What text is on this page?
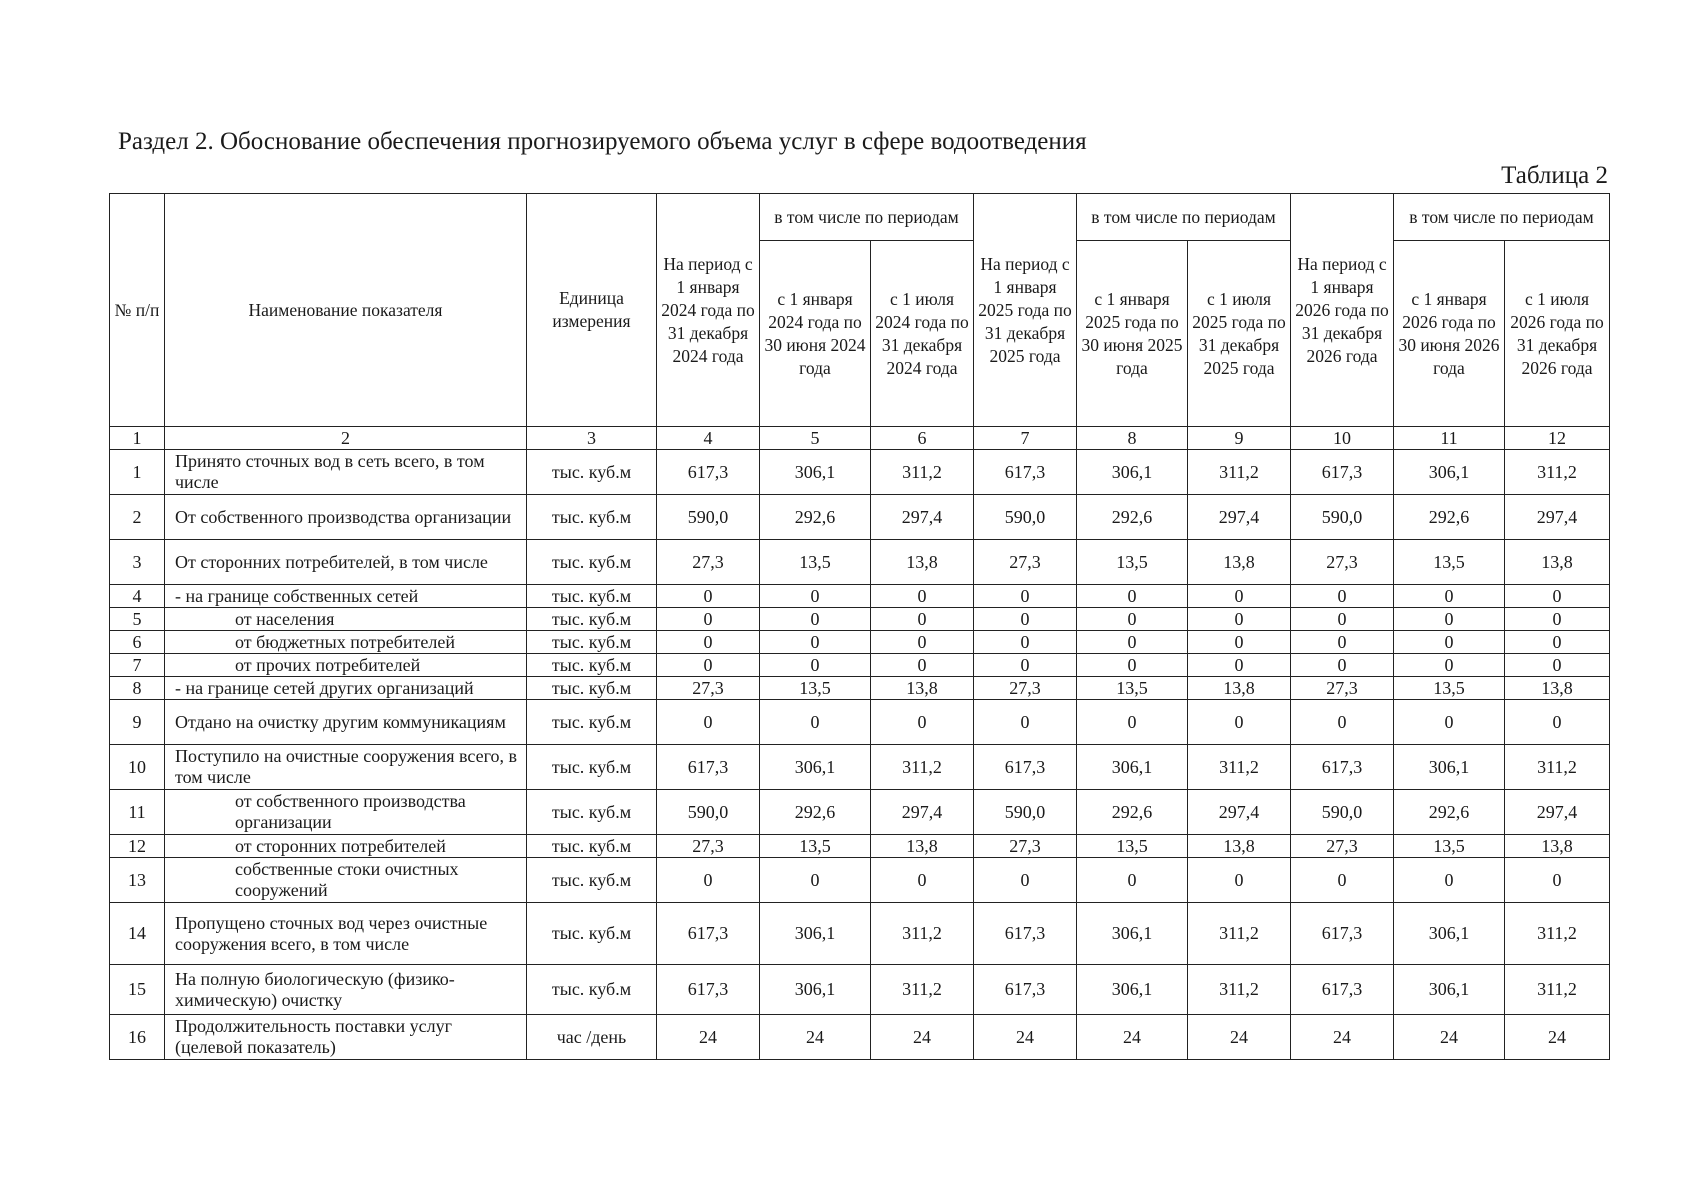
Раздел 2. Обоснование обеспечения прогнозируемого объема услуг в сфере водоотведения
Таблица 2
№ п/п	Наименование показателя	Единица измерения	На период с 1 января 2024 года по 31 декабря 2024 года	в том числе по периодам		На период с 1 января 2025 года по 31 декабря 2025 года	в том числе по периодам		На период с 1 января 2026 года по 31 декабря 2026 года	в том числе по периодам	
				с 1 января 2024 года по 30 июня 2024 года	с 1 июля 2024 года по 31 декабря 2024 года		с 1 января 2025 года по 30 июня 2025 года	с 1 июля 2025 года по 31 декабря 2025 года		с 1 января 2026 года по 30 июня 2026 года	с 1 июля 2026 года по 31 декабря 2026 года
1	2	3	4	5	6	7	8	9	10	11	12
1	Принято сточных вод в сеть всего, в том числе	тыс. куб.м	617,3	306,1	311,2	617,3	306,1	311,2	617,3	306,1	311,2
2	От собственного производства организации	тыс. куб.м	590,0	292,6	297,4	590,0	292,6	297,4	590,0	292,6	297,4
3	От сторонних потребителей, в том числе	тыс. куб.м	27,3	13,5	13,8	27,3	13,5	13,8	27,3	13,5	13,8
4	- на границе собственных сетей	тыс. куб.м	0	0	0	0	0	0	0	0	0
5	от населения	тыс. куб.м	0	0	0	0	0	0	0	0	0
6	от бюджетных потребителей	тыс. куб.м	0	0	0	0	0	0	0	0	0
7	от прочих потребителей	тыс. куб.м	0	0	0	0	0	0	0	0	0
8	- на границе сетей других организаций	тыс. куб.м	27,3	13,5	13,8	27,3	13,5	13,8	27,3	13,5	13,8
9	Отдано на очистку другим коммуникациям	тыс. куб.м	0	0	0	0	0	0	0	0	0
10	Поступило на очистные сооружения всего, в том числе	тыс. куб.м	617,3	306,1	311,2	617,3	306,1	311,2	617,3	306,1	311,2
11	от собственного производства организации	тыс. куб.м	590,0	292,6	297,4	590,0	292,6	297,4	590,0	292,6	297,4
12	от сторонних потребителей	тыс. куб.м	27,3	13,5	13,8	27,3	13,5	13,8	27,3	13,5	13,8
13	собственные стоки очистных сооружений	тыс. куб.м	0	0	0	0	0	0	0	0	0
14	Пропущено сточных вод через очистные сооружения всего, в том числе	тыс. куб.м	617,3	306,1	311,2	617,3	306,1	311,2	617,3	306,1	311,2
15	На полную биологическую (физико-химическую) очистку	тыс. куб.м	617,3	306,1	311,2	617,3	306,1	311,2	617,3	306,1	311,2
16	Продолжительность поставки услуг (целевой показатель)	час /день	24	24	24	24	24	24	24	24	24
